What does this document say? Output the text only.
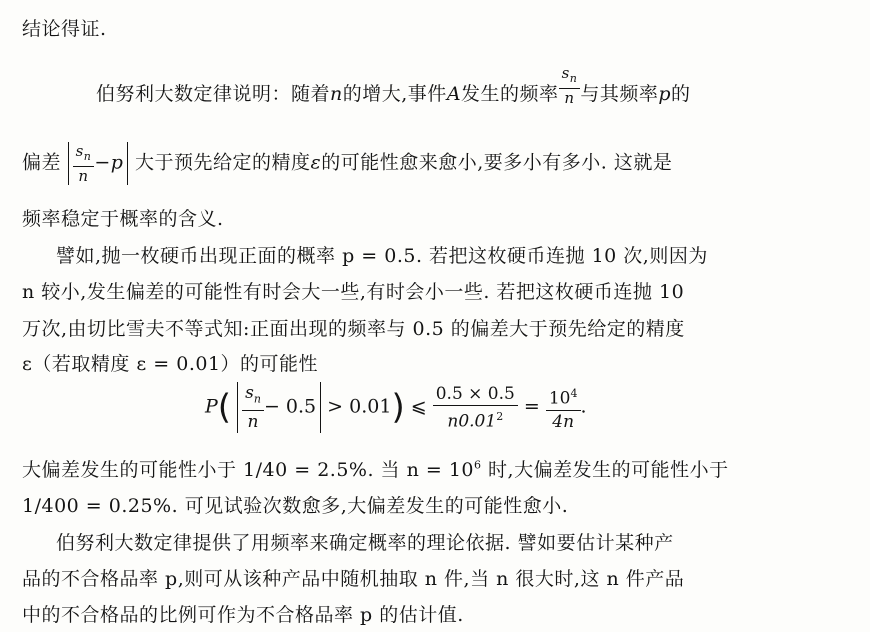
结论得证.
伯努利大数定律说明：随着n的增大,事件A发生的频率 $\frac{s_n}{n}$ 与其频率p的
偏差 $\frac{s_n}{n} -p$ 大于预先给定的精度ε的可能性愈来愈小,要多小有多小. 这就是
频率稳定于概率的含义.
譬如,抛一枚硬币出现正面的概率 p = 0.5. 若把这枚硬币连抛 10 次,则因为
n 较小,发生偏差的可能性有时会大一些,有时会小一些. 若把这枚硬币连抛 10
万次,由切比雪夫不等式知:正面出现的频率与 0.5 的偏差大于预先给定的精度
ε（若取精度 ε = 0.01）的可能性
$P( \frac{s_n}{n} - 0.5 > 0.01)$ ⩽ $\frac{0.5 \times 0.5}{n0.01^2} = \frac{10^4}{4n}$ .
大偏差发生的可能性小于 1/40 = 2.5%. 当 $n = 10^6$ 时,大偏差发生的可能性小于
1/400 = 0.25%. 可见试验次数愈多,大偏差发生的可能性愈小.
伯努利大数定律提供了用频率来确定概率的理论依据. 譬如要估计某种产
品的不合格品率 p,则可从该种产品中随机抽取 n 件,当 n 很大时,这 n 件产品
中的不合格品的比例可作为不合格品率 p 的估计值.
